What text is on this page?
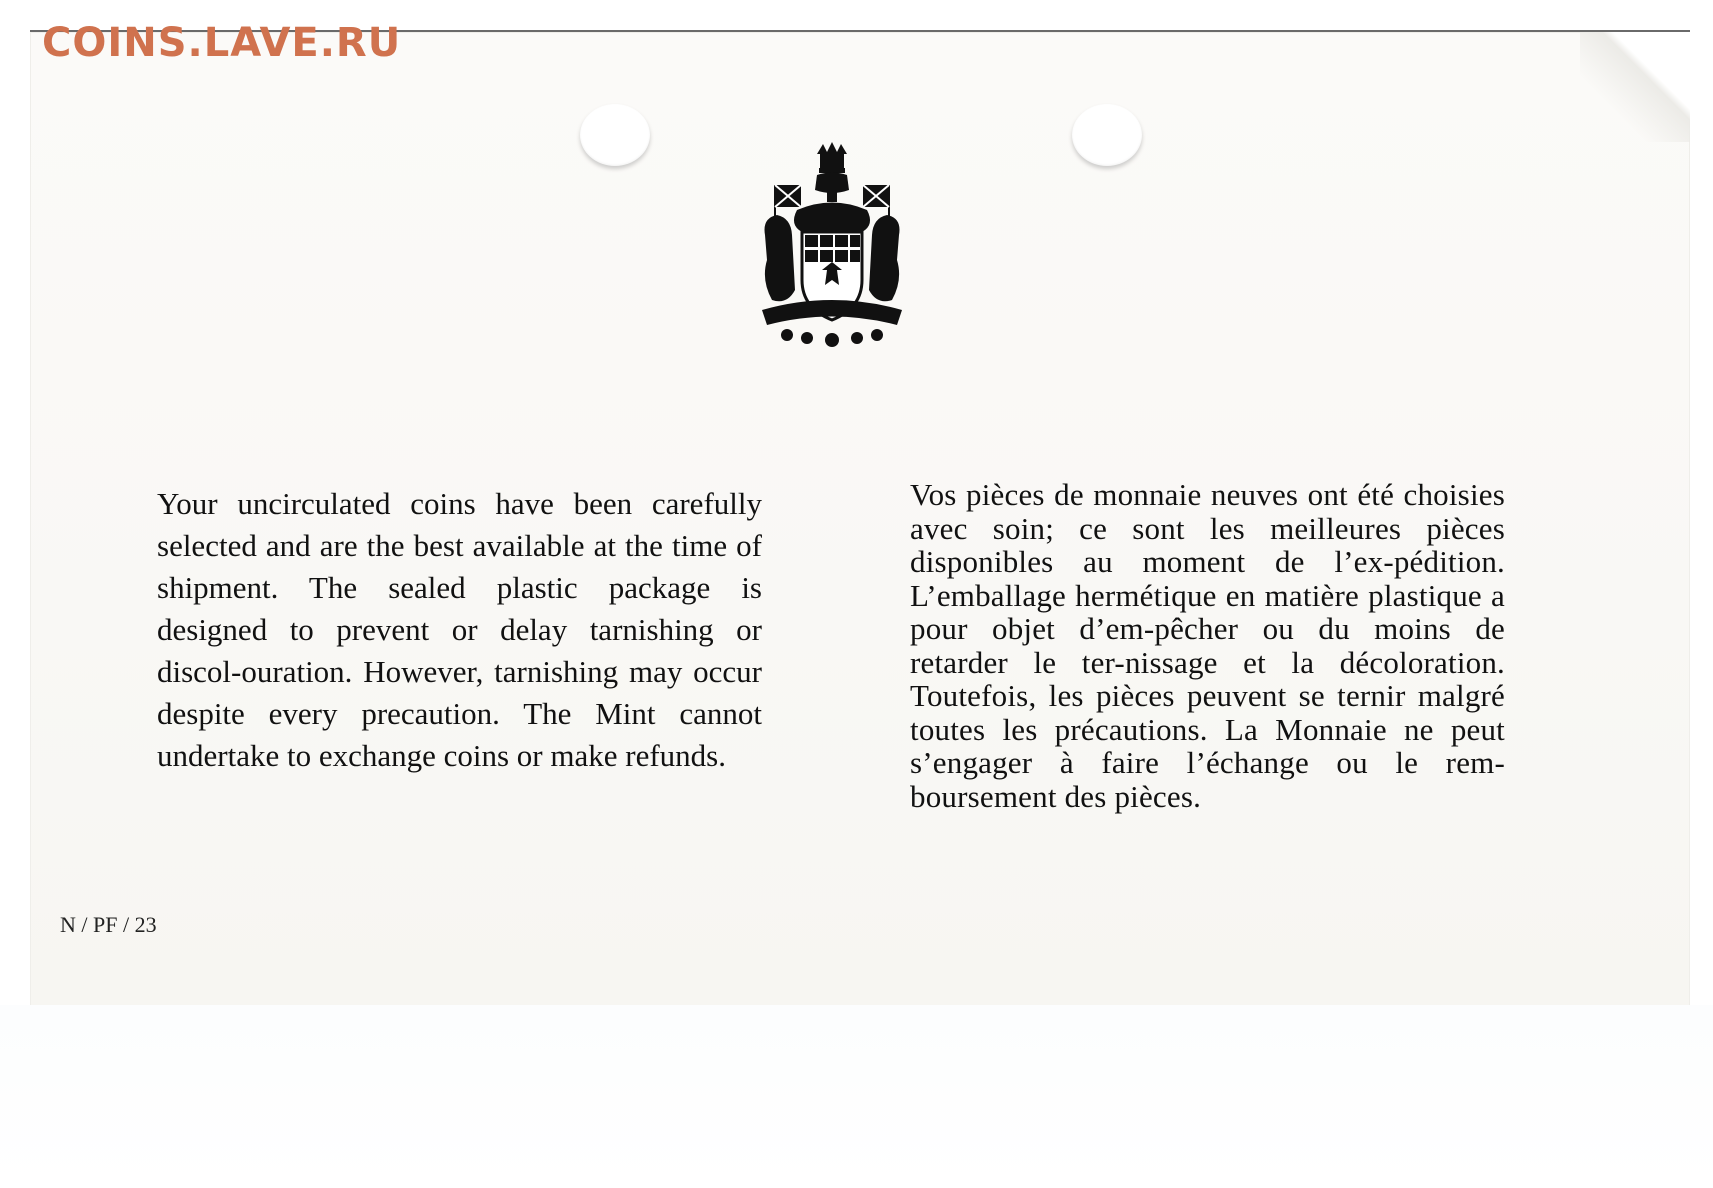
COINS.LAVE.RU

Your uncirculated coins have been carefully selected and are the best available at the time of shipment. The sealed plastic package is designed to prevent or delay tarnishing or discol-ouration. However, tarnishing may occur despite every precaution. The Mint cannot undertake to exchange coins or make refunds.

Vos pièces de monnaie neuves ont été choisies avec soin; ce sont les meilleures pièces disponibles au moment de l’ex-pédition. L’emballage hermétique en matière plastique a pour objet d’em-pêcher ou du moins de retarder le ter-nissage et la décoloration. Toutefois, les pièces peuvent se ternir malgré toutes les précautions. La Monnaie ne peut s’engager à faire l’échange ou le rem-boursement des pièces.

N / PF / 23
